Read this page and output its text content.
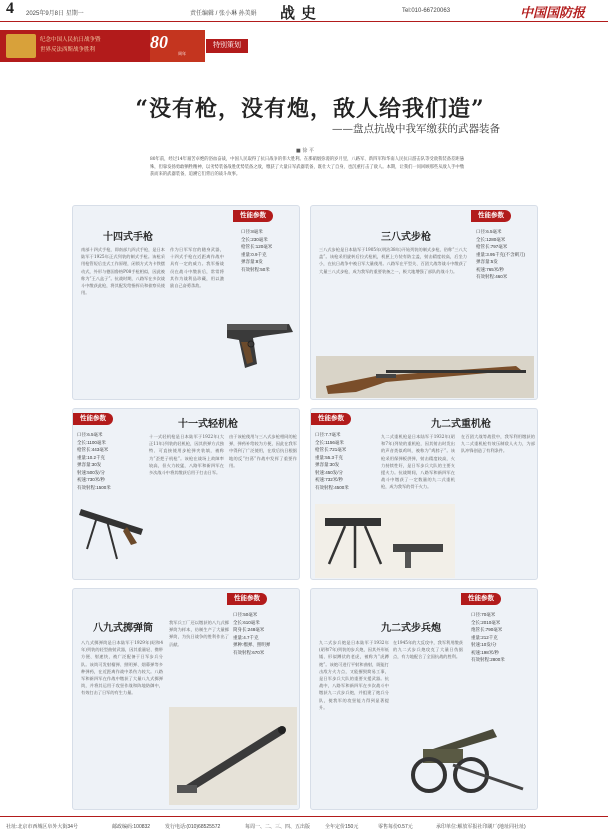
4 2025年9月8日 星期一	责任编辑 / 张小琳 孙美娟 战史	Tel:010-66720063	中国国防报
纪念中国人民抗日战争暨
世界反法西斯战争胜利	80
周年
特别策划
“没有枪，没有炮，敌人给我们造”
——盘点抗战中我军缴获的武器装备
■ 徐 平
80年前，经过14年艰苦卓绝的浴血奋战，中国人民取得了抗日战争的伟大胜利。在那硝烟弥漫的岁月里，八路军、新四军和华南人民抗日游击队等受敌我装备差距悬殊，但靠发扬勇敢牺牲精神，以劣势装备战胜优势装备之敌，缴获了大量日军武器装备，既壮大了自身，也沉重打击了敌人。本期，让我们一同回顾那些从敌人手中缴获而来的武器装备，追溯它们背后的战斗故事。
性能参数
十四式手枪
南部十四式手枪，即南部九四式手枪，是日本陆军于1925年正式列装的制式手枪。该枪采用枪管短后坐式工作原理，闭锁方式为卡铁摆动式，外形与德国鲁格P08手枪相似，因此被称为“王八盒子”。抗战时期，八路军在多次战斗中缴获此枪，将其配发给指挥员和侦察员使用。
作为日军军官的随身武器，十四式手枪在近距离作战中具有一定的威力。我军指战员在战斗中缴获后，常常将其作为战利品珍藏，用以激励自己奋勇杀敌。
口径:8毫米
全长:230毫米
枪管长:120毫米
重量:0.9千克
弹容量:8发
有效射程:50米
性能参数
三八式步枪
三八式步枪是日本陆军于1905年(明治38年)开始列装的制式步枪，俗称“三八大盖”。该枪采用旋转后拉式枪机，机匣上方装有防尘盖，射击精度较高，后坐力小，在抗日战争中被日军大量使用。八路军在平型关、百团大战等战斗中缴获了大量三八式步枪，成为我军的重要装备之一，极大地增强了部队的战斗力。
口径:6.5毫米
全长:1280毫米
枪管长:797毫米
重量:3.95千克(不含刺刀)
弹容量:5发
初速:765米/秒
有效射程:460米
性能参数
十一式轻机枪
口径:6.5毫米
全长:1100毫米
枪管长:443毫米
重量:10.2千克
弹容量:30发
射速:500发/分
初速:730米/秒
有效射程:1500米
十一式轻机枪是日本陆军于1922年(大正11年)列装的轻机枪，因其供弹方式独特、可直接使用步枪弹夹装填，被称为“歪把子机枪”。该枪在战场上故障率较高，但火力较猛，八路军和新四军在多次战斗中将其缴获后用于打击日军。
由于该枪使用与三八式步枪相同的枪弹，弹药补给较为方便，因此在我军中得到了广泛使用，在敌后抗日根据地的反“扫荡”作战中发挥了重要作用。
性能参数
九二式重机枪
口径:7.7毫米
全长:1156毫米
枪管长:721毫米
重量:55.3千克
弹容量:30发
射速:450发/分
初速:732米/秒
有效射程:4500米
九二式重机枪是日本陆军于1932年(昭和7年)列装的重机枪，因其射击时发出的声音类似鸡叫，被称为“鸡脖子”。该枪采用保弹板供弹，射击精度较高，火力持续性好，是日军步兵大队的主要支援火力。抗战期间，八路军和新四军在战斗中缴获了一定数量的九二式重机枪，成为我军的骨干火力。
在百团大战等战役中，我军利用缴获的九二式重机枪有效压制敌人火力，为部队冲锋创造了有利条件。
性能参数
八九式掷弹筒
八九式掷弹筒是日本陆军于1929年(昭和4年)列装的轻型曲射武器，因其重量轻、携带方便、射速快，被广泛配备于日军步兵分队。该筒可发射榴弹、照明弹、烟幕弹等多种弹药，在近距离作战中杀伤力较大。八路军和新四军在作战中缴获了大量八九式掷弹筒，并将其运用于攻坚作战和阵地防御中，有效打击了日军的有生力量。
我军兵工厂还以缴获的八九式掷弹筒为样本，仿制生产了大量掷弹筒，为抗日战争的胜利作出了贡献。
口径:50毫米
全长:610毫米
筒身长:248毫米
重量:4.7千克
弹种:榴弹、照明弹
有效射程:670米
性能参数
九二式步兵炮
九二式步兵炮是日本陆军于1932年(昭和7年)列装的步兵炮，因其外形低矮、形似蹲伏的老虎，被称为“虎蹲炮”。该炮可进行平射和曲射，既能打击敌方火力点，又能摧毁简易工事，是日军步兵大队的重要支援武器。抗战中，八路军和新四军在多次战斗中缴获九二式步兵炮，并组建了炮兵分队，使我军的攻坚能力得到显著提升。
在1945年的大反攻中，我军利用缴获的九二式步兵炮攻克了大量日伪据点，有力地配合了全国抗战的胜利。
口径:70毫米
全长:2010毫米
炮管长:790毫米
重量:212千克
射速:10发/分
初速:198米/秒
有效射程:2800米
社址:北京市西城区阜外大街34号	邮政编码:100832	发行电话:(010)68525572	每周一、二、三、四、五出版	全年定价150元	零售每份0.57元	承印单位:解放军报社印刷厂(地址同社址)
